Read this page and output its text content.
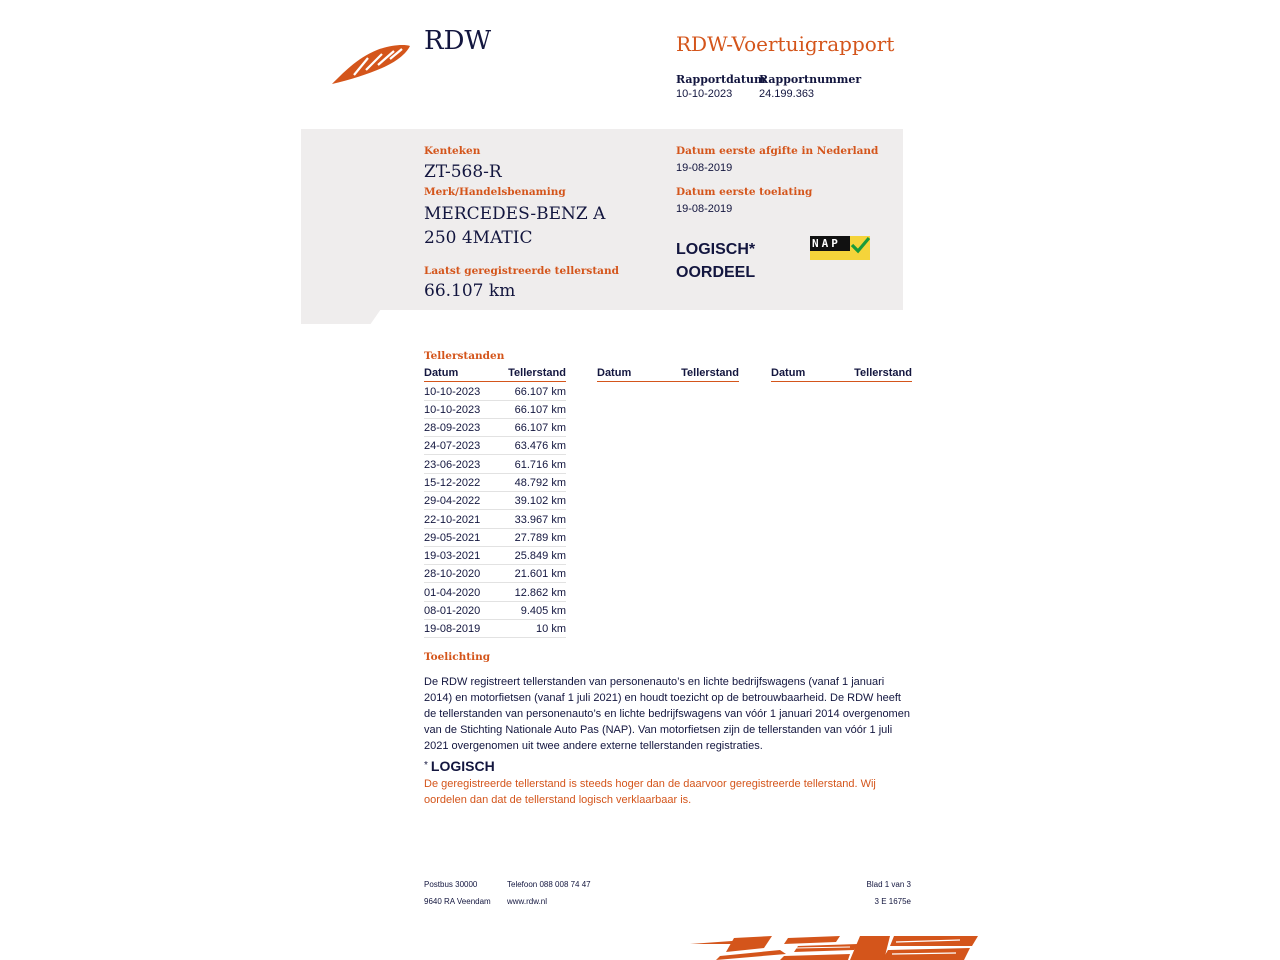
RDW	RDW-Voertuigrapport
Rapportdatum
10-10-2023
Rapportnummer
24.199.363
Kenteken
ZT-568-R
Merk/Handelsbenaming
MERCEDES-BENZ A
250 4MATIC
Laatst geregistreerde tellerstand
66.107 km
Datum eerste afgifte in Nederland
19-08-2019
Datum eerste toelating
19-08-2019
LOGISCH*
OORDEEL
NAP
Tellerstanden
Datum	Tellerstand	Datum	Tellerstand	Datum	Tellerstand
10-10-2023	66.107 km
10-10-2023	66.107 km
28-09-2023	66.107 km
24-07-2023	63.476 km
23-06-2023	61.716 km
15-12-2022	48.792 km
29-04-2022	39.102 km
22-10-2021	33.967 km
29-05-2021	27.789 km
19-03-2021	25.849 km
28-10-2020	21.601 km
01-04-2020	12.862 km
08-01-2020	9.405 km
19-08-2019	10 km
Toelichting
De RDW registreert tellerstanden van personenauto’s en lichte bedrijfswagens (vanaf 1 januari 2014) en motorfietsen (vanaf 1 juli 2021) en houdt toezicht op de betrouwbaarheid. De RDW heeft de tellerstanden van personenauto’s en lichte bedrijfswagens van vóór 1 januari 2014 overgenomen van de Stichting Nationale Auto Pas (NAP). Van motorfietsen zijn de tellerstanden van vóór 1 juli 2021 overgenomen uit twee andere externe tellerstanden registraties.
* LOGISCH
De geregistreerde tellerstand is steeds hoger dan de daarvoor geregistreerde tellerstand. Wij oordelen dan dat de tellerstand logisch verklaarbaar is.
Postbus 30000
9640 RA Veendam
Telefoon 088 008 74 47
www.rdw.nl
Blad 1 van 3
3 E 1675e
